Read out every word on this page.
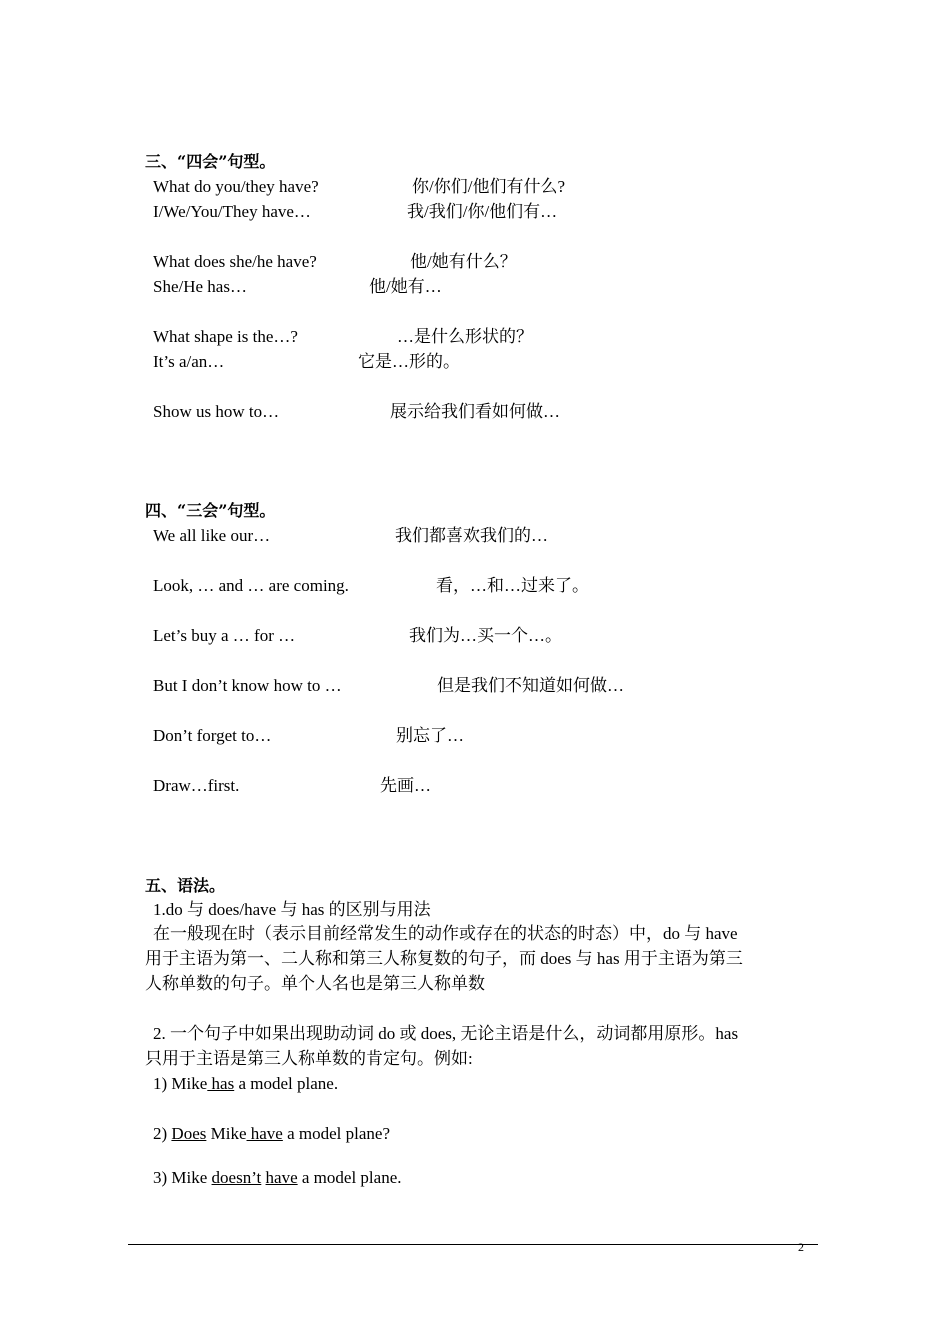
三、“四会”句型。
What do you/they have?	你/你们/他们有什么?
I/We/You/They have…	我/我们/你/他们有…
What does she/he have?	他/她有什么？
She/He has…	他/她有…
What shape is the…?	…是什么形状的？
It’s a/an…	它是…形的。
Show us how to…	展示给我们看如何做…
四、“三会”句型。
We all like our…	我们都喜欢我们的…
Look, … and … are coming.	看，…和…过来了。
Let’s buy a … for …	我们为…买一个…。
But I don’t know how to …	但是我们不知道如何做…
Don’t forget to…	别忘了…
Draw…first.	先画…
五、语法。
1.do 与 does/have 与 has 的区别与用法
在一般现在时（表示目前经常发生的动作或存在的状态的时态）中，do 与 have
用于主语为第一、二人称和第三人称复数的句子，而 does 与 has 用于主语为第三
人称单数的句子。单个人名也是第三人称单数
2. 一个句子中如果出现助动词 do 或 does, 无论主语是什么，动词都用原形。has
只用于主语是第三人称单数的肯定句。例如:
1) Mike has a model plane.
2) Does Mike have a model plane?
3) Mike doesn’t have a model plane.
2
